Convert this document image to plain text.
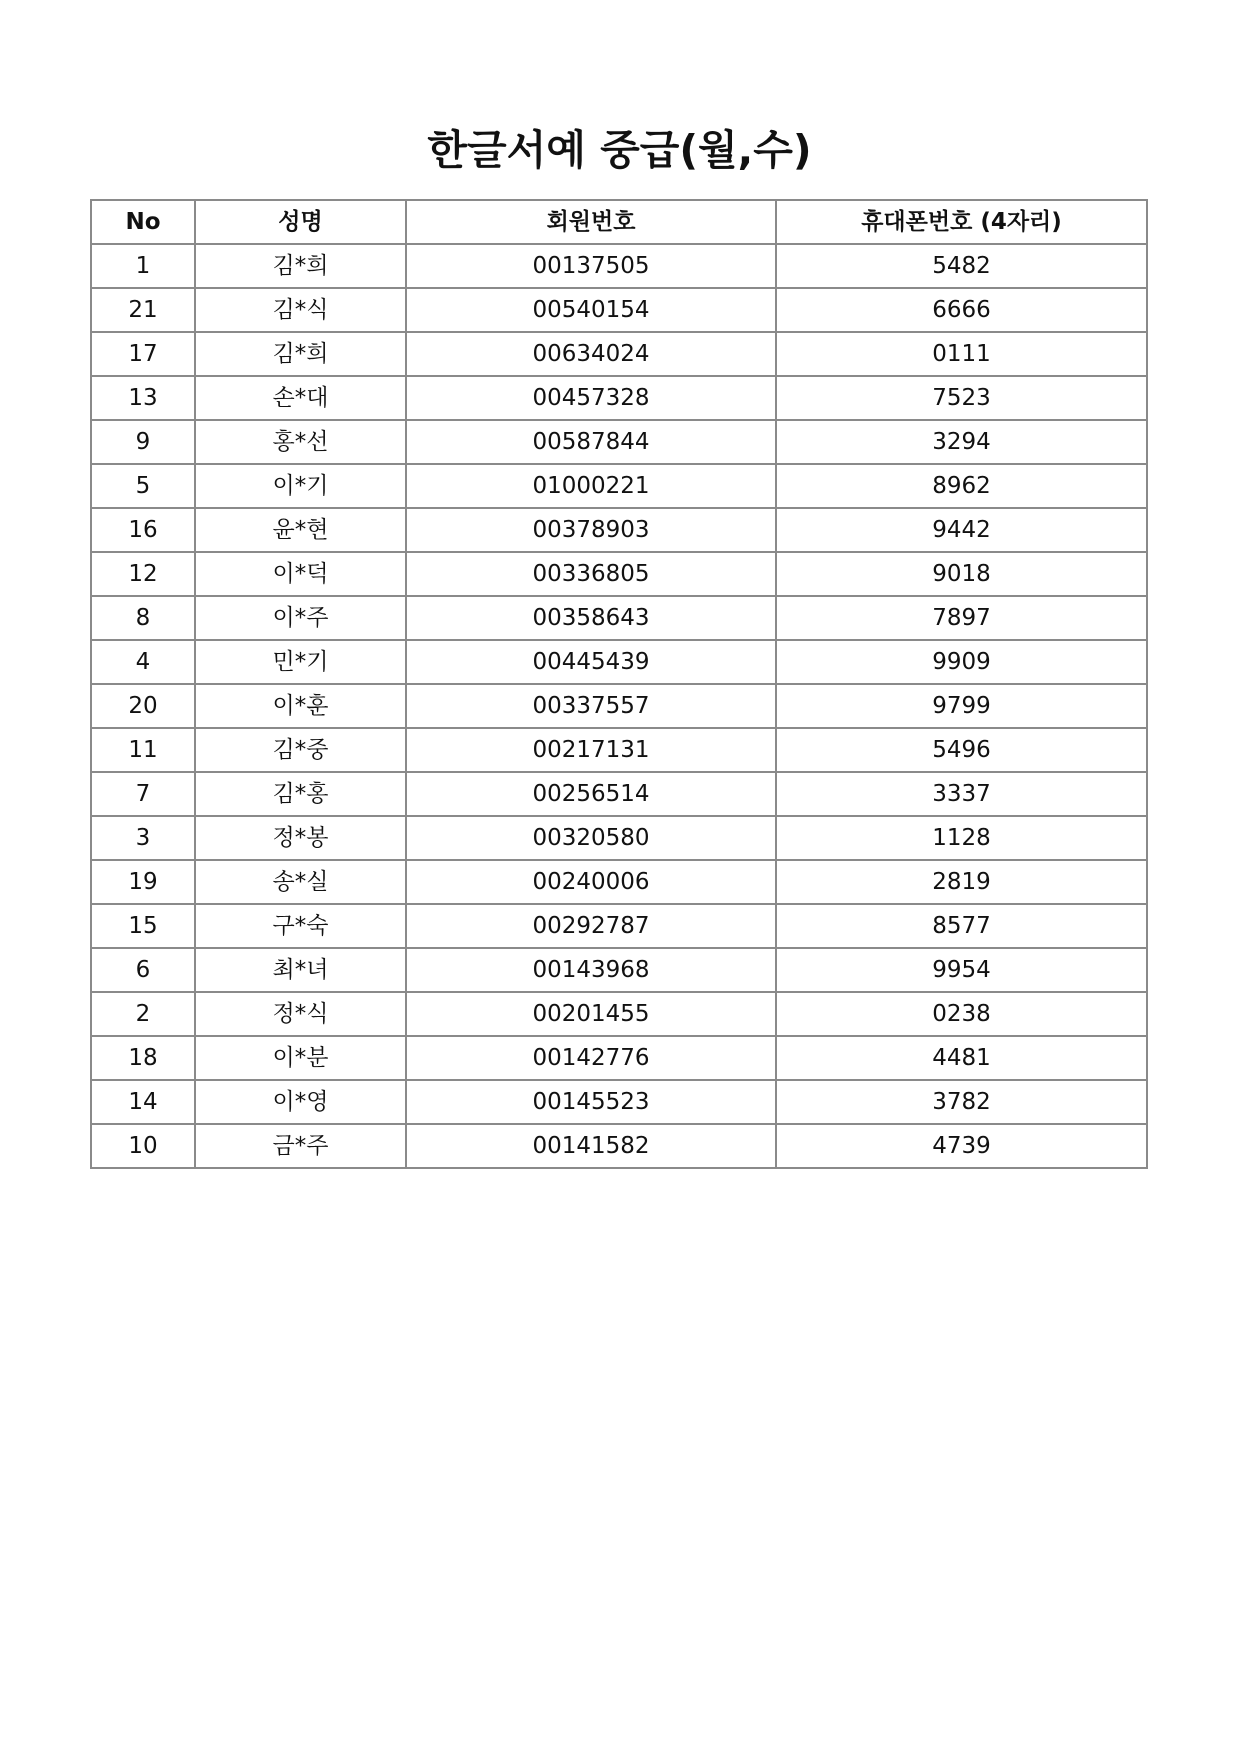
한글서예 중급(월,수)
No	성명	회원번호	휴대폰번호 (4자리)
1	김*희	00137505	5482
21	김*식	00540154	6666
17	김*희	00634024	0111
13	손*대	00457328	7523
9	홍*선	00587844	3294
5	이*기	01000221	8962
16	윤*현	00378903	9442
12	이*덕	00336805	9018
8	이*주	00358643	7897
4	민*기	00445439	9909
20	이*훈	00337557	9799
11	김*중	00217131	5496
7	김*홍	00256514	3337
3	정*봉	00320580	1128
19	송*실	00240006	2819
15	구*숙	00292787	8577
6	최*녀	00143968	9954
2	정*식	00201455	0238
18	이*분	00142776	4481
14	이*영	00145523	3782
10	금*주	00141582	4739
